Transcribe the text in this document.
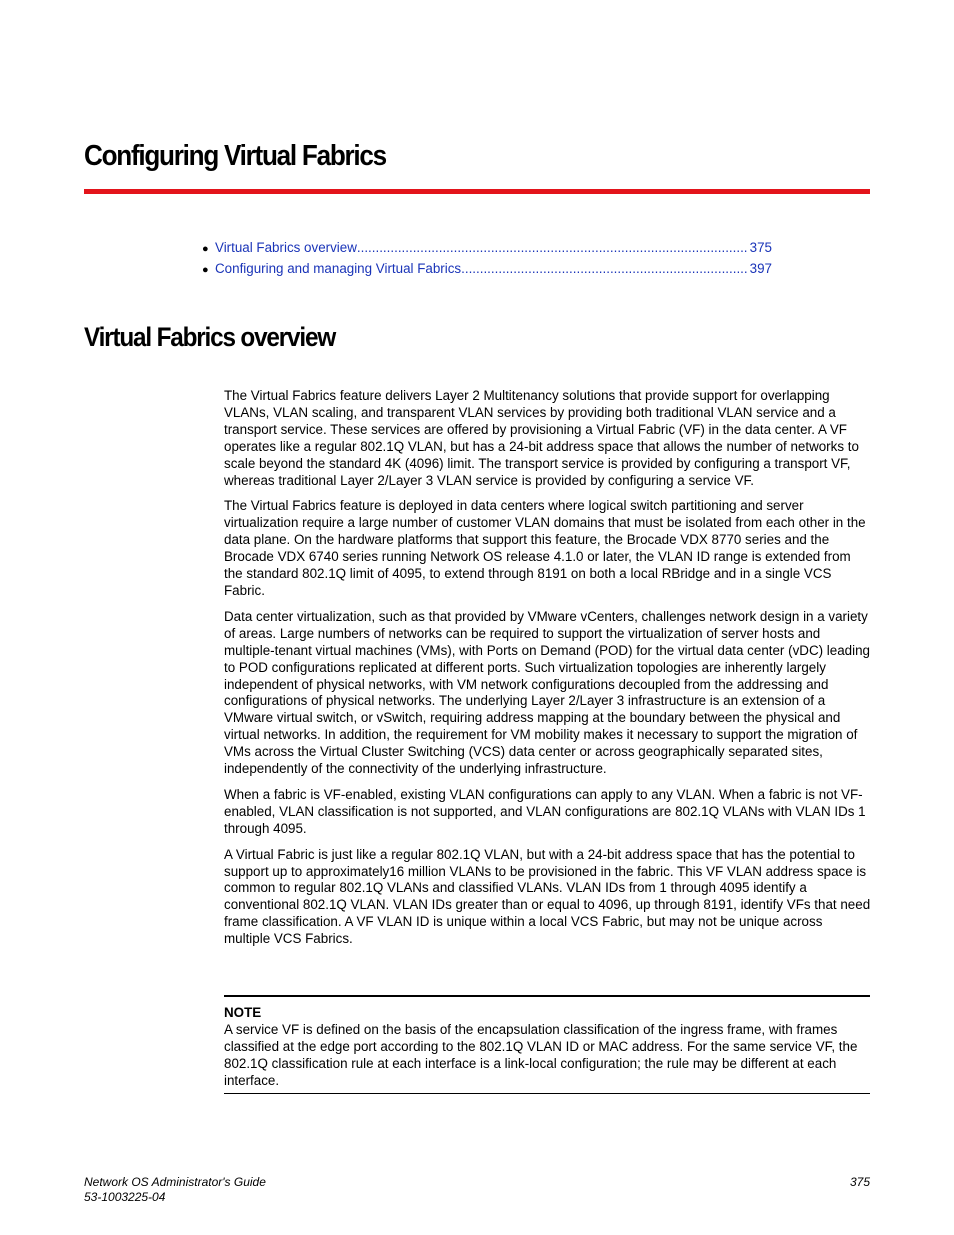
Configuring Virtual Fabrics
● Virtual Fabrics overview .....	375
● Configuring and managing Virtual Fabrics .....	397
Virtual Fabrics overview

The Virtual Fabrics feature delivers Layer 2 Multitenancy solutions that provide support for overlapping VLANs, VLAN scaling, and transparent VLAN services by providing both traditional VLAN service and a transport service. These services are offered by provisioning a Virtual Fabric (VF) in the data center. A VF operates like a regular 802.1Q VLAN, but has a 24-bit address space that allows the number of networks to scale beyond the standard 4K (4096) limit. The transport service is provided by configuring a transport VF, whereas traditional Layer 2/Layer 3 VLAN service is provided by configuring a service VF.

The Virtual Fabrics feature is deployed in data centers where logical switch partitioning and server virtualization require a large number of customer VLAN domains that must be isolated from each other in the data plane. On the hardware platforms that support this feature, the Brocade VDX 8770 series and the Brocade VDX 6740 series running Network OS release 4.1.0 or later, the VLAN ID range is extended from the standard 802.1Q limit of 4095, to extend through 8191 on both a local RBridge and in a single VCS Fabric.

Data center virtualization, such as that provided by VMware vCenters, challenges network design in a variety of areas. Large numbers of networks can be required to support the virtualization of server hosts and multiple-tenant virtual machines (VMs), with Ports on Demand (POD) for the virtual data center (vDC) leading to POD configurations replicated at different ports. Such virtualization topologies are inherently largely independent of physical networks, with VM network configurations decoupled from the addressing and configurations of physical networks. The underlying Layer 2/Layer 3 infrastructure is an extension of a VMware virtual switch, or vSwitch, requiring address mapping at the boundary between the physical and virtual networks. In addition, the requirement for VM mobility makes it necessary to support the migration of VMs across the Virtual Cluster Switching (VCS) data center or across geographically separated sites, independently of the connectivity of the underlying infrastructure.

When a fabric is VF-enabled, existing VLAN configurations can apply to any VLAN. When a fabric is not VF-enabled, VLAN classification is not supported, and VLAN configurations are 802.1Q VLANs with VLAN IDs 1 through 4095.

A Virtual Fabric is just like a regular 802.1Q VLAN, but with a 24-bit address space that has the potential to support up to approximately16 million VLANs to be provisioned in the fabric. This VF VLAN address space is common to regular 802.1Q VLANs and classified VLANs. VLAN IDs from 1 through 4095 identify a conventional 802.1Q VLAN. VLAN IDs greater than or equal to 4096, up through 8191, identify VFs that need frame classification. A VF VLAN ID is unique within a local VCS Fabric, but may not be unique across multiple VCS Fabrics.

NOTE
A service VF is defined on the basis of the encapsulation classification of the ingress frame, with frames classified at the edge port according to the 802.1Q VLAN ID or MAC address. For the same service VF, the 802.1Q classification rule at each interface is a link-local configuration; the rule may be different at each interface.
Network OS Administrator's Guide
53-1003225-04
375
